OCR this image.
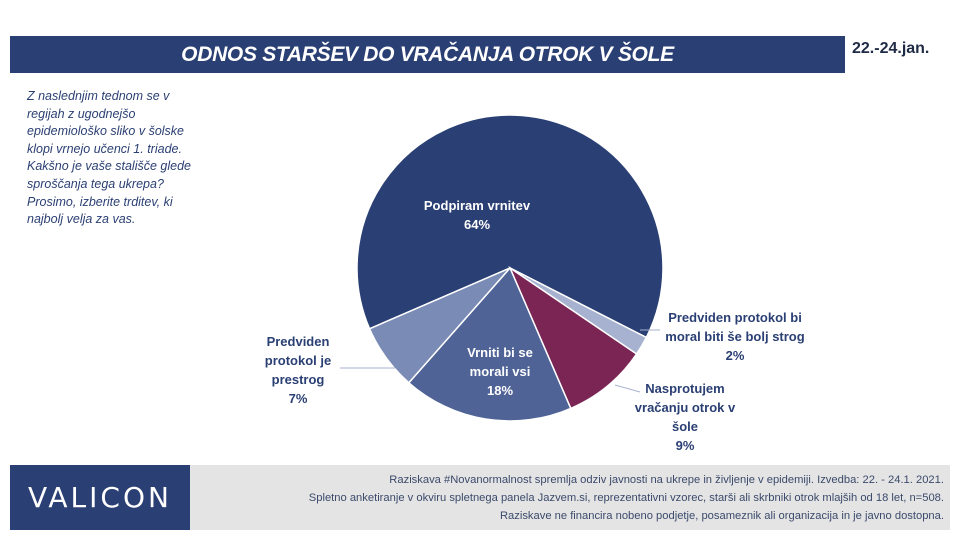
ODNOS STARŠEV DO VRAČANJA OTROK V ŠOLE	22.-24.jan.
Z naslednjim tednom se v regijah z ugodnejšo epidemiološko sliko v šolske klopi vrnejo učenci 1. triade. Kakšno je vaše stališče glede sproščanja tega ukrepa? Prosimo, izberite trditev, ki najbolj velja za vas.
Podpiram vrnitev
64%
Predviden protokol bi
moral biti še bolj strog
2%
Nasprotujem
vračanju otrok v
šole
9%
Vrniti bi se
morali vsi
18%
Predviden
protokol je
prestrog
7%
VALICON
Raziskava #Novanormalnost spremlja odziv javnosti na ukrepe in življenje v epidemiji. Izvedba: 22. - 24.1. 2021.
Spletno anketiranje v okviru spletnega panela Jazvem.si, reprezentativni vzorec, starši ali skrbniki otrok mlajših od 18 let, n=508.
Raziskave ne financira nobeno podjetje, posameznik ali organizacija in je javno dostopna.
